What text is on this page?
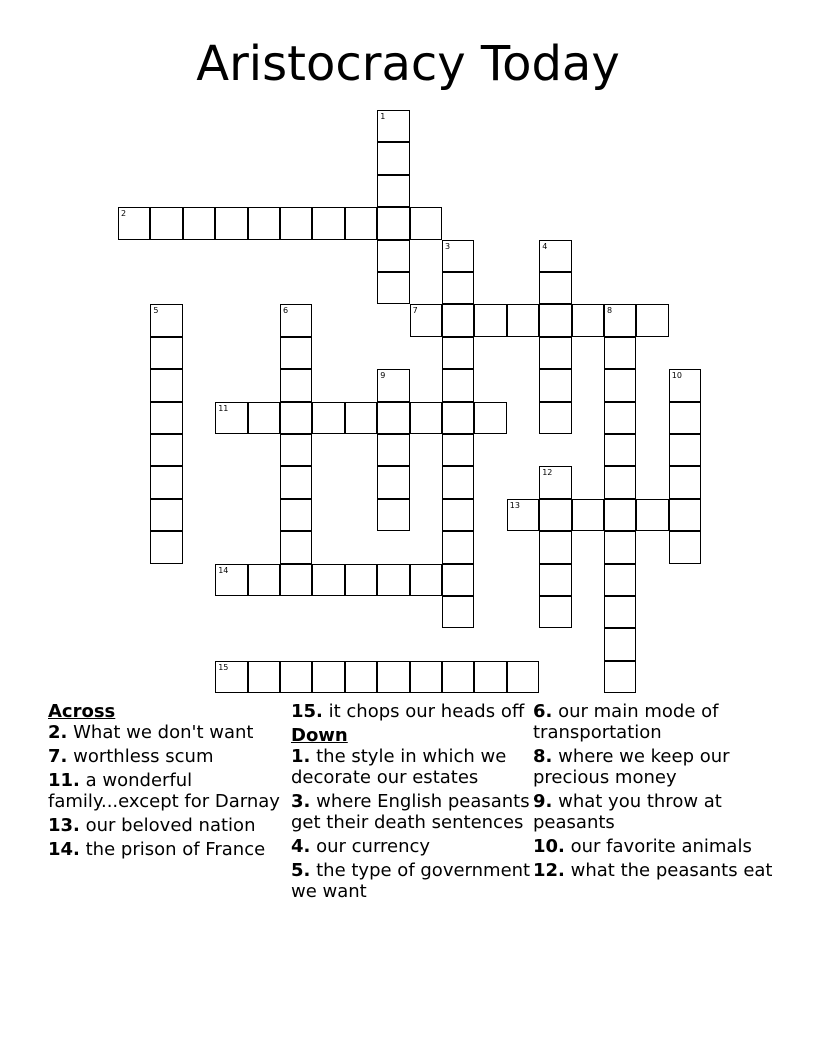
Aristocracy Today
1
2
3	4
5	6	7	8
9	10
11
12
13
14
15
Across
2. What we don't want
7. worthless scum
11. a wonderful family...except for Darnay
13. our beloved nation
14. the prison of France
15. it chops our heads off
Down
1. the style in which we decorate our estates
3. where English peasants get their death sentences
4. our currency
5. the type of government we want
6. our main mode of transportation
8. where we keep our precious money
9. what you throw at peasants
10. our favorite animals
12. what the peasants eat
